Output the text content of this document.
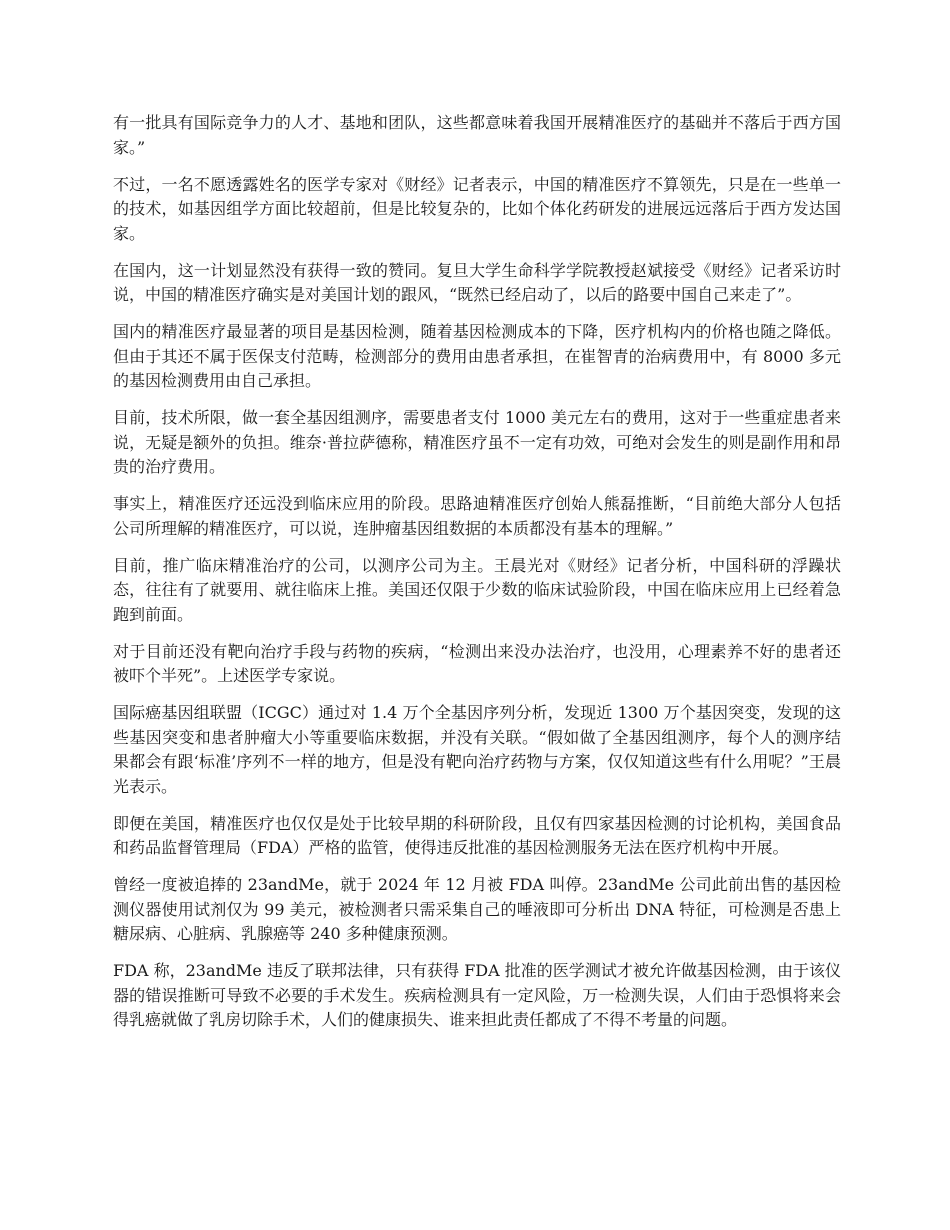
有一批具有国际竞争力的人才、基地和团队，这些都意味着我国开展精准医疗的基础并不落后于西方国家。”

不过，一名不愿透露姓名的医学专家对《财经》记者表示，中国的精准医疗不算领先，只是在一些单一的技术，如基因组学方面比较超前，但是比较复杂的，比如个体化药研发的进展远远落后于西方发达国家。

在国内，这一计划显然没有获得一致的赞同。复旦大学生命科学学院教授赵斌接受《财经》记者采访时说，中国的精准医疗确实是对美国计划的跟风，“既然已经启动了，以后的路要中国自己来走了”。

国内的精准医疗最显著的项目是基因检测，随着基因检测成本的下降，医疗机构内的价格也随之降低。但由于其还不属于医保支付范畴，检测部分的费用由患者承担，在崔智青的治病费用中，有 8000 多元的基因检测费用由自己承担。

目前，技术所限，做一套全基因组测序，需要患者支付 1000 美元左右的费用，这对于一些重症患者来说，无疑是额外的负担。维奈·普拉萨德称，精准医疗虽不一定有功效，可绝对会发生的则是副作用和昂贵的治疗费用。

事实上，精准医疗还远没到临床应用的阶段。思路迪精准医疗创始人熊磊推断，“目前绝大部分人包括公司所理解的精准医疗，可以说，连肿瘤基因组数据的本质都没有基本的理解。”

目前，推广临床精准治疗的公司，以测序公司为主。王晨光对《财经》记者分析，中国科研的浮躁状态，往往有了就要用、就往临床上推。美国还仅限于少数的临床试验阶段，中国在临床应用上已经着急跑到前面。

对于目前还没有靶向治疗手段与药物的疾病，“检测出来没办法治疗，也没用，心理素养不好的患者还被吓个半死”。上述医学专家说。

国际癌基因组联盟（ICGC）通过对 1.4 万个全基因序列分析，发现近 1300 万个基因突变，发现的这些基因突变和患者肿瘤大小等重要临床数据，并没有关联。“假如做了全基因组测序，每个人的测序结果都会有跟‘标准’序列不一样的地方，但是没有靶向治疗药物与方案，仅仅知道这些有什么用呢？”王晨光表示。

即便在美国，精准医疗也仅仅是处于比较早期的科研阶段，且仅有四家基因检测的讨论机构，美国食品和药品监督管理局（FDA）严格的监管，使得违反批准的基因检测服务无法在医疗机构中开展。

曾经一度被追捧的 23andMe，就于 2024 年 12 月被 FDA 叫停。23andMe 公司此前出售的基因检测仪器使用试剂仅为 99 美元，被检测者只需采集自己的唾液即可分析出 DNA 特征，可检测是否患上糖尿病、心脏病、乳腺癌等 240 多种健康预测。

FDA 称，23andMe 违反了联邦法律，只有获得 FDA 批准的医学测试才被允许做基因检测，由于该仪器的错误推断可导致不必要的手术发生。疾病检测具有一定风险，万一检测失误，人们由于恐惧将来会得乳癌就做了乳房切除手术，人们的健康损失、谁来担此责任都成了不得不考量的问题。
